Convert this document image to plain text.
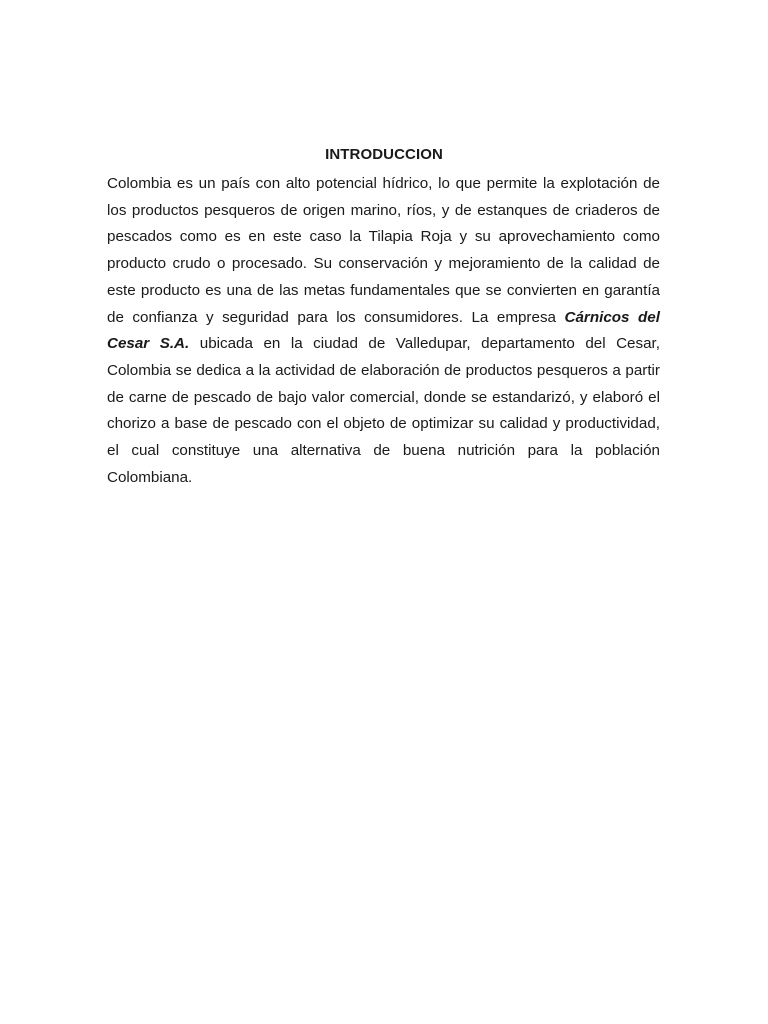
INTRODUCCION

Colombia es un país con alto potencial hídrico, lo que permite la explotación de los productos pesqueros de origen marino, ríos, y de estanques de criaderos de pescados como es en este caso la Tilapia Roja y su aprovechamiento como producto crudo o procesado. Su conservación y mejoramiento de la calidad de este producto es una de las metas fundamentales que se convierten en garantía de confianza y seguridad para los consumidores. La empresa Cárnicos del Cesar S.A. ubicada en la ciudad de Valledupar, departamento del Cesar, Colombia se dedica a la actividad de elaboración de productos pesqueros a partir de carne de pescado de bajo valor comercial, donde se estandarizó, y elaboró el chorizo a base de pescado con el objeto de optimizar su calidad y productividad, el cual constituye una alternativa de buena nutrición para la población Colombiana.
